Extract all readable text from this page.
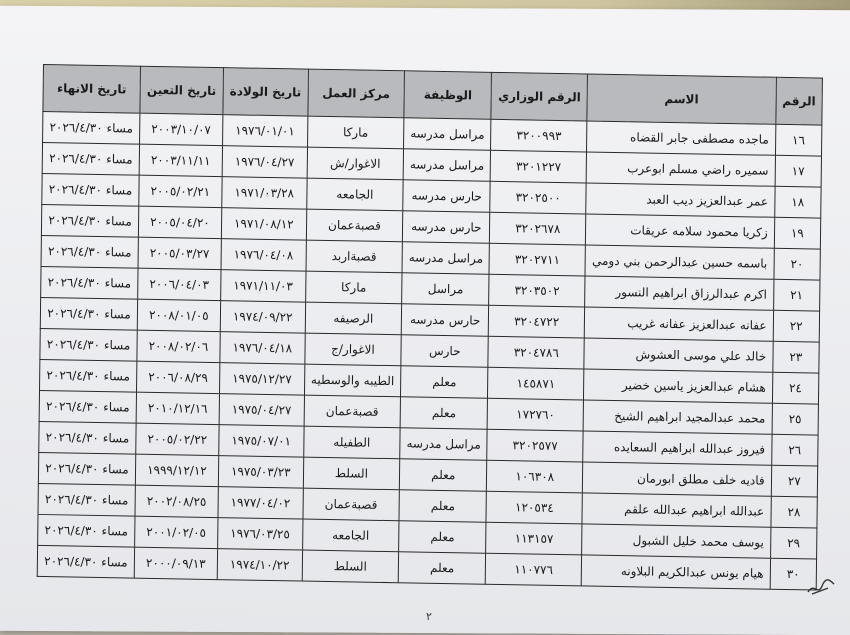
الرقم	الاسم	الرقم الوزاري	الوظيفة	مركز العمل	تاريخ الولادة	تاريخ التعين	تاريخ الانهاء
١٦	ماجده مصطفى جابر القضاه	٣٢٠٠٩٩٣	مراسل مدرسه	ماركا	١٩٧٦/٠١/٠١	٢٠٠٣/١٠/٠٧	مساء ٢٠٢٦/٤/٣٠
١٧	سميره راضي مسلم ابوعرب	٣٢٠١٢٢٧	مراسل مدرسه	الاغوار/ش	١٩٧٦/٠٤/٢٧	٢٠٠٣/١١/١١	مساء ٢٠٢٦/٤/٣٠
١٨	عمر عبدالعزيز ديب العبد	٣٢٠٢٥٠٠	حارس مدرسه	الجامعه	١٩٧١/٠٣/٢٨	٢٠٠٥/٠٢/٢١	مساء ٢٠٢٦/٤/٣٠
١٩	زكريا محمود سلامه عريقات	٣٢٠٢٦٧٨	حارس مدرسه	قصبةعمان	١٩٧١/٠٨/١٢	٢٠٠٥/٠٤/٢٠	مساء ٢٠٢٦/٤/٣٠
٢٠	باسمه حسين عبدالرحمن بني دومي	٣٢٠٢٧١١	مراسل مدرسه	قصبةاربد	١٩٧٦/٠٤/٠٨	٢٠٠٥/٠٣/٢٧	مساء ٢٠٢٦/٤/٣٠
٢١	اكرم عبدالرزاق ابراهيم النسور	٣٢٠٣٥٠٢	مراسل	ماركا	١٩٧١/١١/٠٣	٢٠٠٦/٠٤/٠٣	مساء ٢٠٢٦/٤/٣٠
٢٢	عفانه عبدالعزيز عفانه غريب	٣٢٠٤٧٢٢	حارس مدرسه	الرصيفه	١٩٧٤/٠٩/٢٢	٢٠٠٨/٠١/٠٥	مساء ٢٠٢٦/٤/٣٠
٢٣	خالد علي موسى العشوش	٣٢٠٤٧٨٦	حارس	الاغوار/ج	١٩٧٦/٠٤/١٨	٢٠٠٨/٠٢/٠٦	مساء ٢٠٢٦/٤/٣٠
٢٤	هشام عبدالعزيز ياسين خضير	١٤٥٨٧١	معلم	الطيبه والوسطيه	١٩٧٥/١٢/٢٧	٢٠٠٦/٠٨/٢٩	مساء ٢٠٢٦/٤/٣٠
٢٥	محمد عبدالمجيد ابراهيم الشيخ	١٧٢٧٦٠	معلم	قصبةعمان	١٩٧٥/٠٤/٢٧	٢٠١٠/١٢/١٦	مساء ٢٠٢٦/٤/٣٠
٢٦	فيروز عبدالله ابراهيم السعايده	٣٢٠٢٥٧٧	مراسل مدرسه	الطفيله	١٩٧٥/٠٧/٠١	٢٠٠٥/٠٢/٢٢	مساء ٢٠٢٦/٤/٣٠
٢٧	فاديه خلف مطلق ابورمان	١٠٦٣٠٨	معلم	السلط	١٩٧٥/٠٣/٢٣	١٩٩٩/١٢/١٢	مساء ٢٠٢٦/٤/٣٠
٢٨	عبدالله ابراهيم عبدالله علقم	١٢٠٥٣٤	معلم	قصبةعمان	١٩٧٧/٠٤/٠٢	٢٠٠٢/٠٨/٢٥	مساء ٢٠٢٦/٤/٣٠
٢٩	يوسف محمد خليل الشبول	١١٣١٥٧	معلم	الجامعه	١٩٧٦/٠٣/٢٥	٢٠٠١/٠٢/٠٥	مساء ٢٠٢٦/٤/٣٠
٣٠	هيام يونس عبدالكريم البلاونه	١١٠٧٧٦	معلم	السلط	١٩٧٤/١٠/٢٢	٢٠٠٠/٠٩/١٣	مساء ٢٠٢٦/٤/٣٠
٢
